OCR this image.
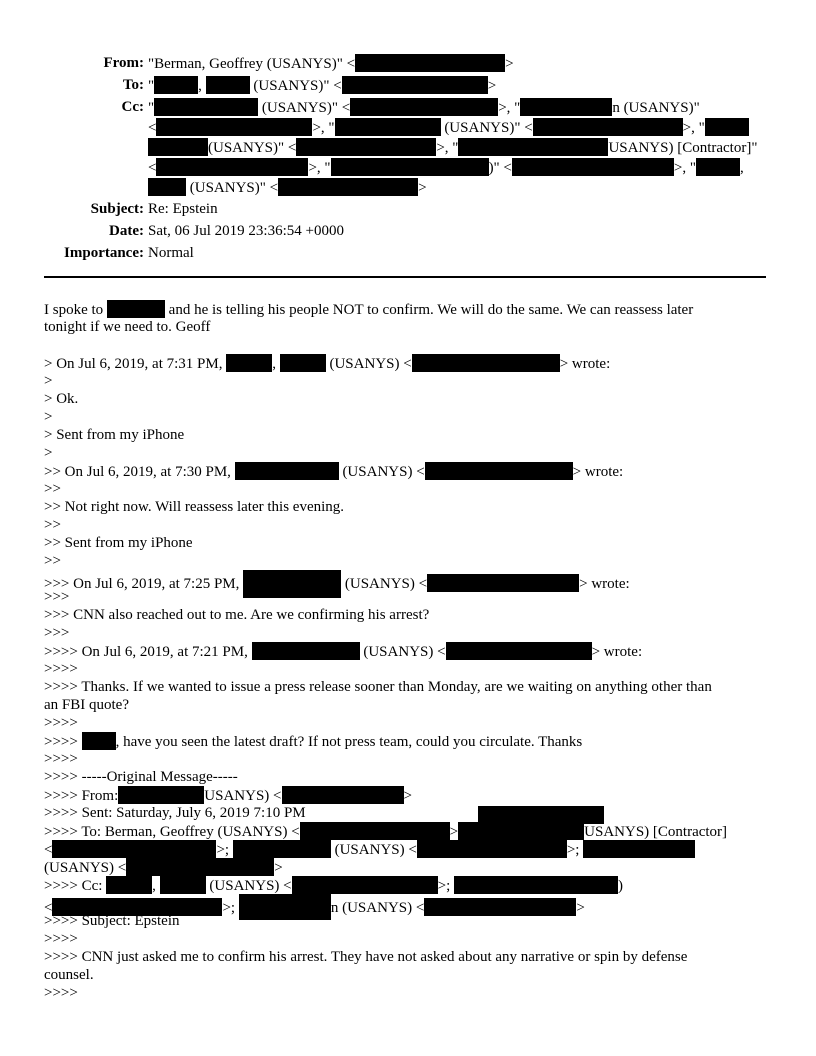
From: "Berman, Geoffrey (USANYS)" <	>
To: "	,	(USANYS)" <	>
Cc: "	(USANYS)" <	>, "	n (USANYS)"
<	>, "	(USANYS)" <	>, "
(USANYS)" <	>, "	USANYS) [Contractor]"
<	>, "	)" <	>, "	,
(USANYS)" <	>
Subject: Re: Epstein
Date: Sat, 06 Jul 2019 23:36:54 +0000
Importance: Normal
I spoke to	and he is telling his people NOT to confirm. We will do the same. We can reassess later
tonight if we need to. Geoff
> On Jul 6, 2019, at 7:31 PM,	,	(USANYS) <	> wrote:
>
> Ok.
>
> Sent from my iPhone
>
>> On Jul 6, 2019, at 7:30 PM,	(USANYS) <	> wrote:
>>
>> Not right now. Will reassess later this evening.
>>
>> Sent from my iPhone
>>
>>> On Jul 6, 2019, at 7:25 PM,	(USANYS) <	> wrote:
>>>
>>> CNN also reached out to me. Are we confirming his arrest?
>>>
>>>> On Jul 6, 2019, at 7:21 PM,	(USANYS) <	> wrote:
>>>>
>>>> Thanks. If we wanted to issue a press release sooner than Monday, are we waiting on anything other than
an FBI quote?
>>>>
>>>>	, have you seen the latest draft? If not press team, could you circulate. Thanks
>>>>
>>>> -----Original Message-----
>>>> From:	USANYS) <	>
>>>> Sent: Saturday, July 6, 2019 7:10 PM
>>>> To: Berman, Geoffrey (USANYS) <	>	USANYS) [Contractor]
<	>;	(USANYS) <	>;
(USANYS) <	>
>>>> Cc:	,	(USANYS) <	>;	)
<	>;	n (USANYS) <	>
>>>> Subject: Epstein
>>>>
>>>> CNN just asked me to confirm his arrest. They have not asked about any narrative or spin by defense
counsel.
>>>>
